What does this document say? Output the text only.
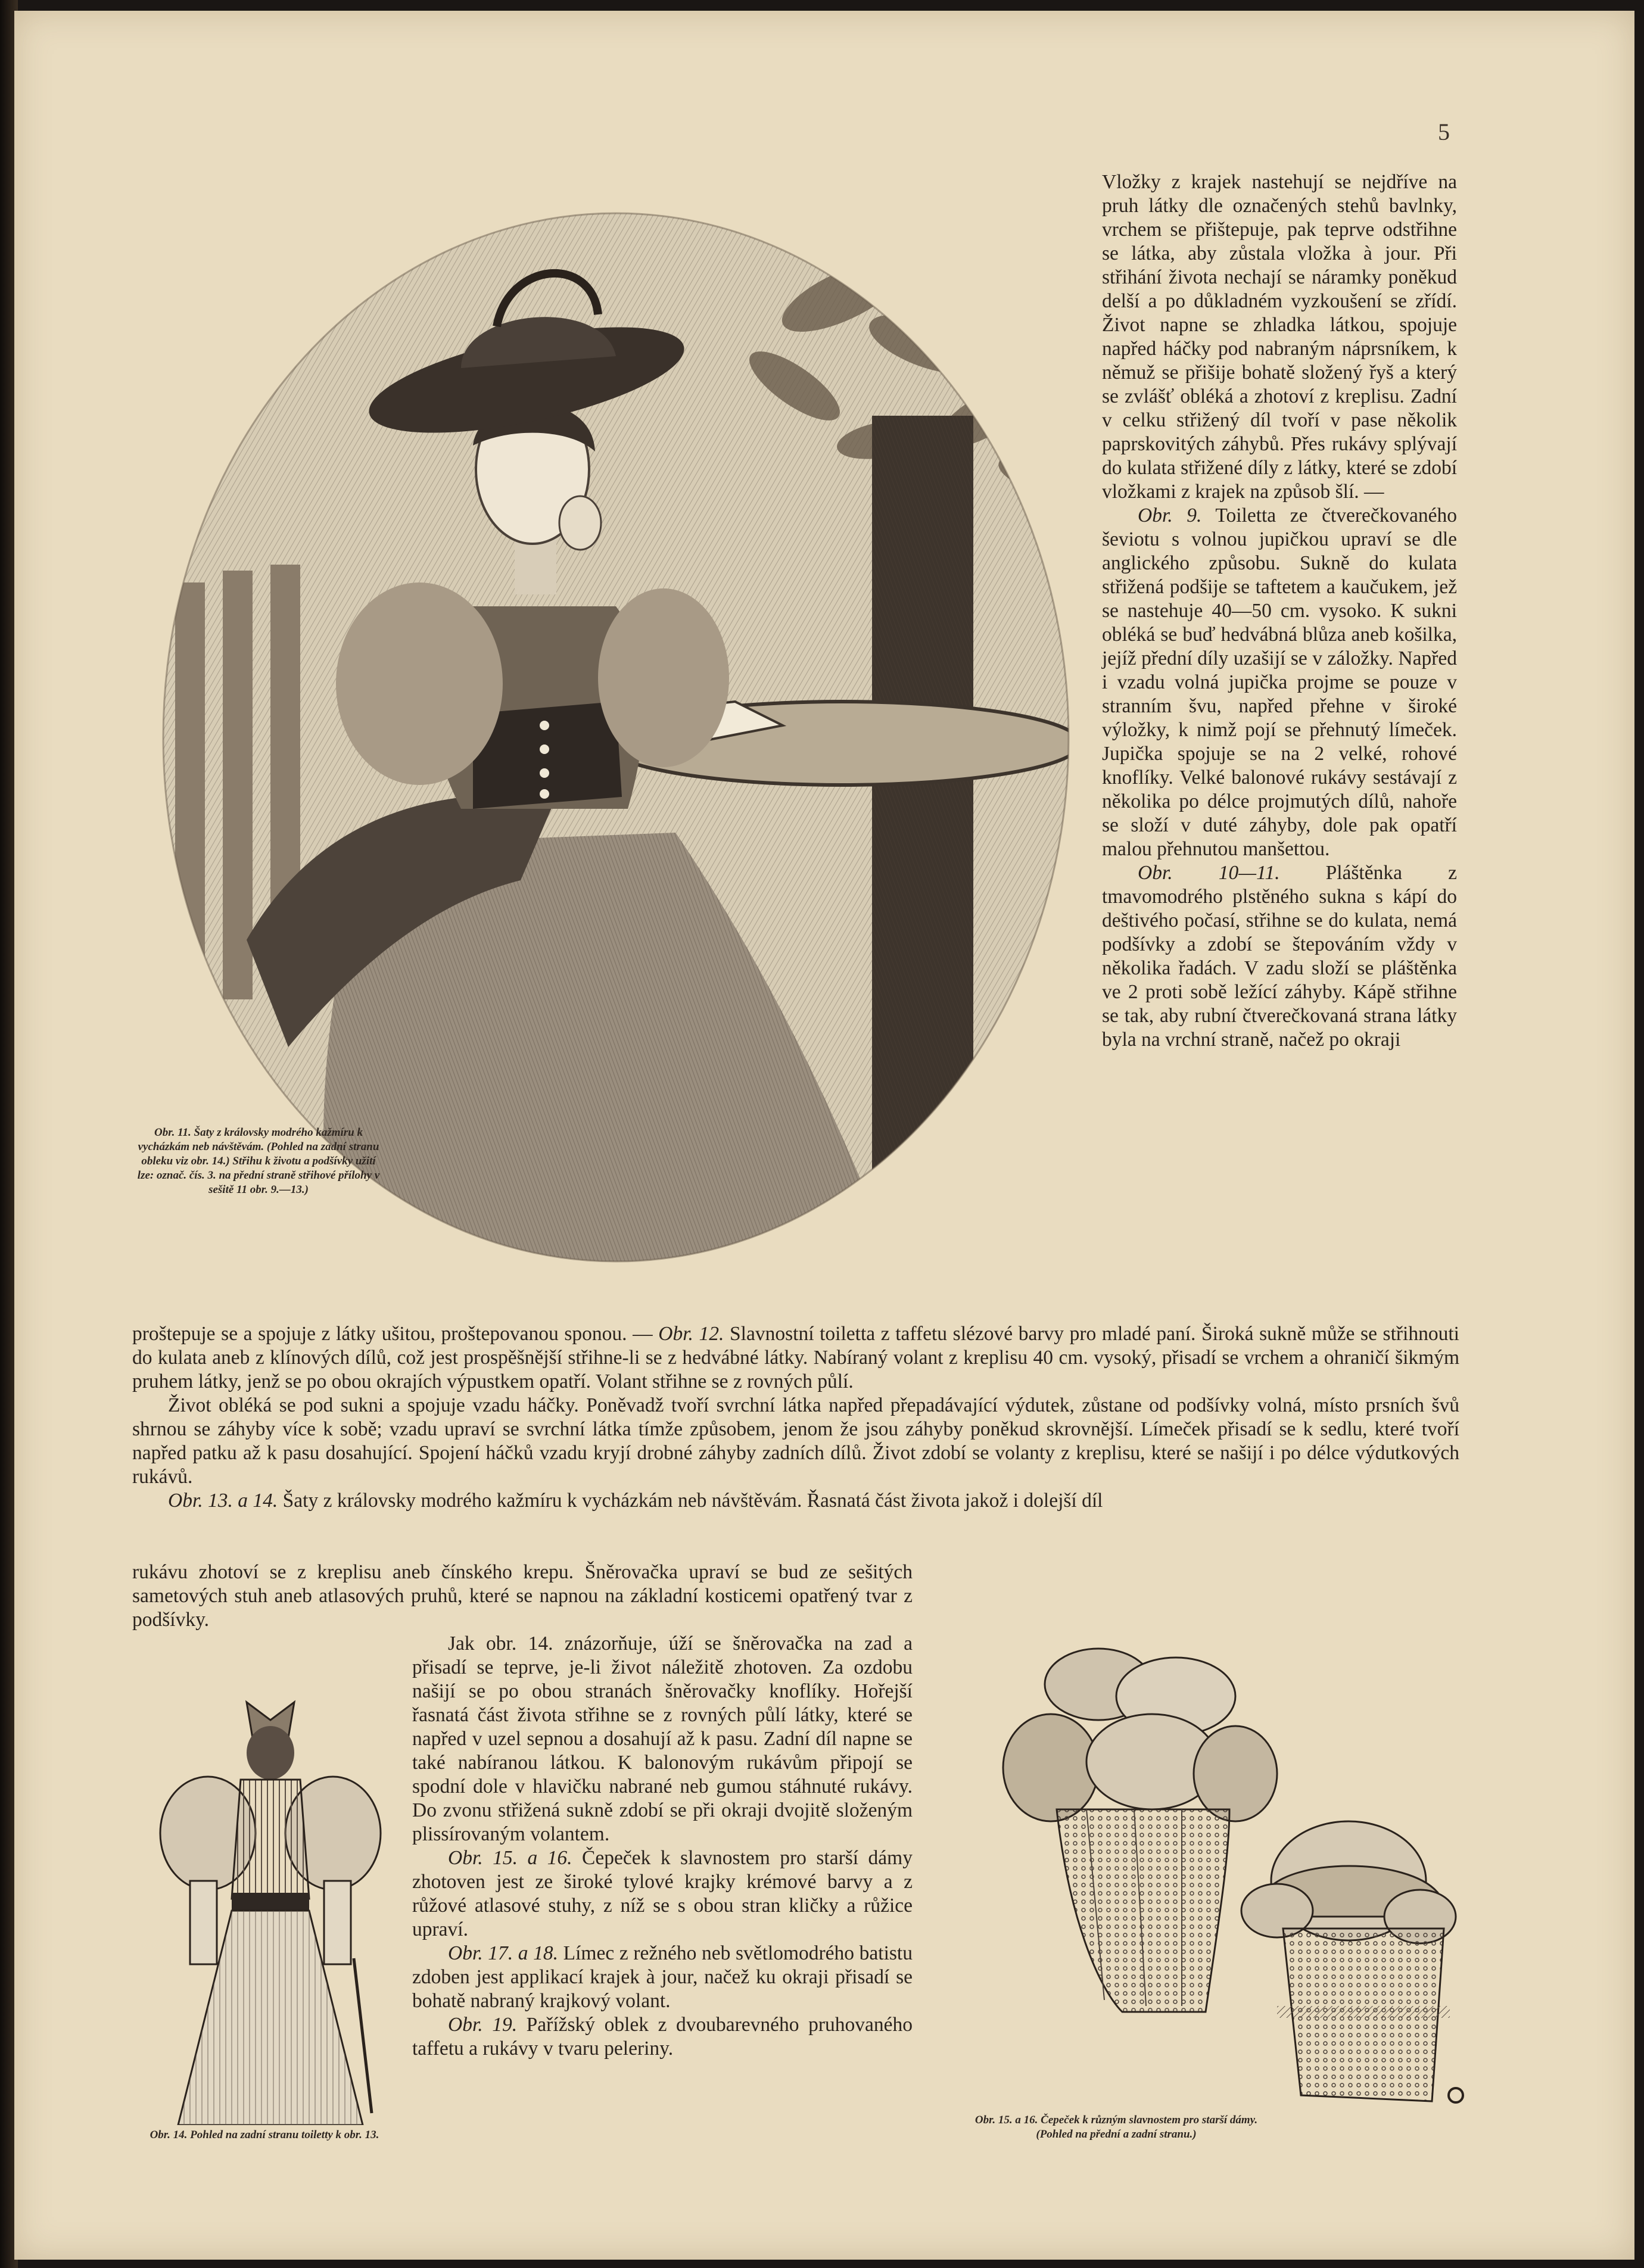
5

Vložky z krajek nastehují se nejdříve na pruh látky dle označených stehů bavlnky, vrchem se přištepuje, pak teprve odstřihne se látka, aby zůstala vložka à jour. Při střihání života nechají se náramky poněkud delší a po důkladném vyzkoušení se zřídí. Život napne se zhladka látkou, spojuje napřed háčky pod nabraným náprsníkem, k němuž se přišije bohatě složený řyš a který se zvlášť obléká a zhotoví z kreplisu. Zadní v celku střižený díl tvoří v pase několik paprskovitých záhybů. Přes rukávy splývají do kulata střižené díly z látky, které se zdobí vložkami z krajek na způsob šlí. —

Obr. 9. Toiletta ze čtverečkovaného ševiotu s volnou jupičkou upraví se dle anglického způsobu. Sukně do kulata střižená podšije se taftetem a kaučukem, jež se nastehuje 40—50 cm. vysoko. K sukni obléká se buď hedvábná blůza aneb košilka, jejíž přední díly uzašijí se v záložky. Napřed i vzadu volná jupička projme se pouze v stranním švu, napřed přehne v široké výložky, k nimž pojí se přehnutý límeček. Jupička spojuje se na 2 velké, rohové knoflíky. Velké balonové rukávy sestávají z několika po délce projmutých dílů, nahoře se složí v duté záhyby, dole pak opatří malou přehnutou manšettou.

Obr. 10—11. Pláštěnka z tmavomodrého plstěného sukna s kápí do deštivého počasí, střihne se do kulata, nemá podšívky a zdobí se štepováním vždy v několika řadách. V zadu složí se pláštěnka ve 2 proti sobě ležící záhyby. Kápě střihne se tak, aby rubní čtverečkovaná strana látky byla na vrchní straně, načež po okraji

Obr. 11. Šaty z královsky modrého kažmíru k vycházkám neb návštěvám. (Pohled na zadní stranu obleku viz obr. 14.) Střihu k životu a podšívky užití lze: označ. čís. 3. na přední straně střihové přílohy v sešitě 11 obr. 9.—13.)

proštepuje se a spojuje z látky ušitou, proštepovanou sponou. — Obr. 12. Slavnostní toiletta z taffetu slézové barvy pro mladé paní. Široká sukně může se střihnouti do kulata aneb z klínových dílů, což jest prospěšnější střihne-li se z hedvábné látky. Nabíraný volant z kreplisu 40 cm. vysoký, přisadí se vrchem a ohraničí šikmým pruhem látky, jenž se po obou okrajích výpustkem opatří. Volant střihne se z rovných půlí.

Život obléká se pod sukni a spojuje vzadu háčky. Poněvadž tvoří svrchní látka napřed přepadávající výdutek, zůstane od podšívky volná, místo prsních švů shrnou se záhyby více k sobě; vzadu upraví se svrchní látka tímže způsobem, jenom že jsou záhyby poněkud skrovnější. Límeček přisadí se k sedlu, které tvoří napřed patku až k pasu dosahující. Spojení háčků vzadu kryjí drobné záhyby zadních dílů. Život zdobí se volanty z kreplisu, které se našijí i po délce výdutkových rukávů.

Obr. 13. a 14. Šaty z královsky modrého kažmíru k vycházkám neb návštěvám. Řasnatá část života jakož i dolejší díl

rukávu zhotoví se z kreplisu aneb čínského krepu. Šněrovačka upraví se bud ze sešitých sametových stuh aneb atlasových pruhů, které se napnou na základní kosticemi opatřený tvar z podšívky.

Jak obr. 14. znázorňuje, úží se šněrovačka na zad a přisadí se teprve, je-li život náležitě zhotoven. Za ozdobu našijí se po obou stranách šněrovačky knoflíky. Hořejší řasnatá část života střihne se z rovných půlí látky, které se napřed v uzel sepnou a dosahují až k pasu. Zadní díl napne se také nabíranou látkou. K balonovým rukávům připojí se spodní dole v hlavičku nabrané neb gumou stáhnuté rukávy. Do zvonu střižená sukně zdobí se při okraji dvojitě složeným plissírovaným volantem.

Obr. 15. a 16. Čepeček k slavnostem pro starší dámy zhotoven jest ze široké tylové krajky krémové barvy a z růžové atlasové stuhy, z níž se s obou stran kličky a růžice upraví.

Obr. 17. a 18. Límec z režného neb světlomodrého batistu zdoben jest applikací krajek à jour, načež ku okraji přisadí se bohatě nabraný krajkový volant.

Obr. 19. Pařížský oblek z dvoubarevného pruhovaného taffetu a rukávy v tvaru peleriny.

Obr. 14. Pohled na zadní stranu toiletty k obr. 13.
Obr. 15. a 16. Čepeček k různým slavnostem pro starší dámy. (Pohled na přední a zadní stranu.)
